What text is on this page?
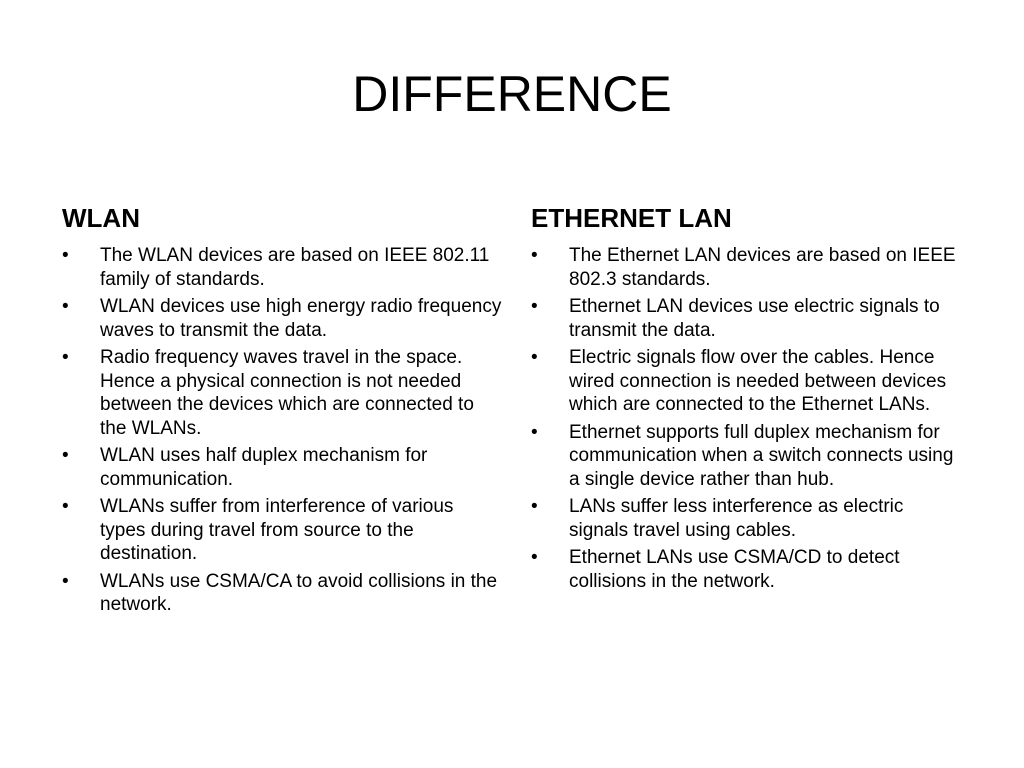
DIFFERENCE
WLAN
•	The WLAN devices are based on IEEE 802.11 family of standards.
•	WLAN devices use high energy radio frequency waves to transmit the data.
•	Radio frequency waves travel in the space. Hence a physical connection is not needed between the devices which are connected to the WLANs.
•	WLAN uses half duplex mechanism for communication.
•	WLANs suffer from interference of various types during travel from source to the destination.
•	WLANs use CSMA/CA to avoid collisions in the network.
ETHERNET LAN
•	The Ethernet LAN devices are based on IEEE 802.3 standards.
•	Ethernet LAN devices use electric signals to transmit the data.
•	Electric signals flow over the cables. Hence wired connection is needed between devices which are connected to the Ethernet LANs.
•	Ethernet supports full duplex mechanism for communication when a switch connects using a single device rather than hub.
•	LANs suffer less interference as electric signals travel using cables.
•	Ethernet LANs use CSMA/CD to detect collisions in the network.
